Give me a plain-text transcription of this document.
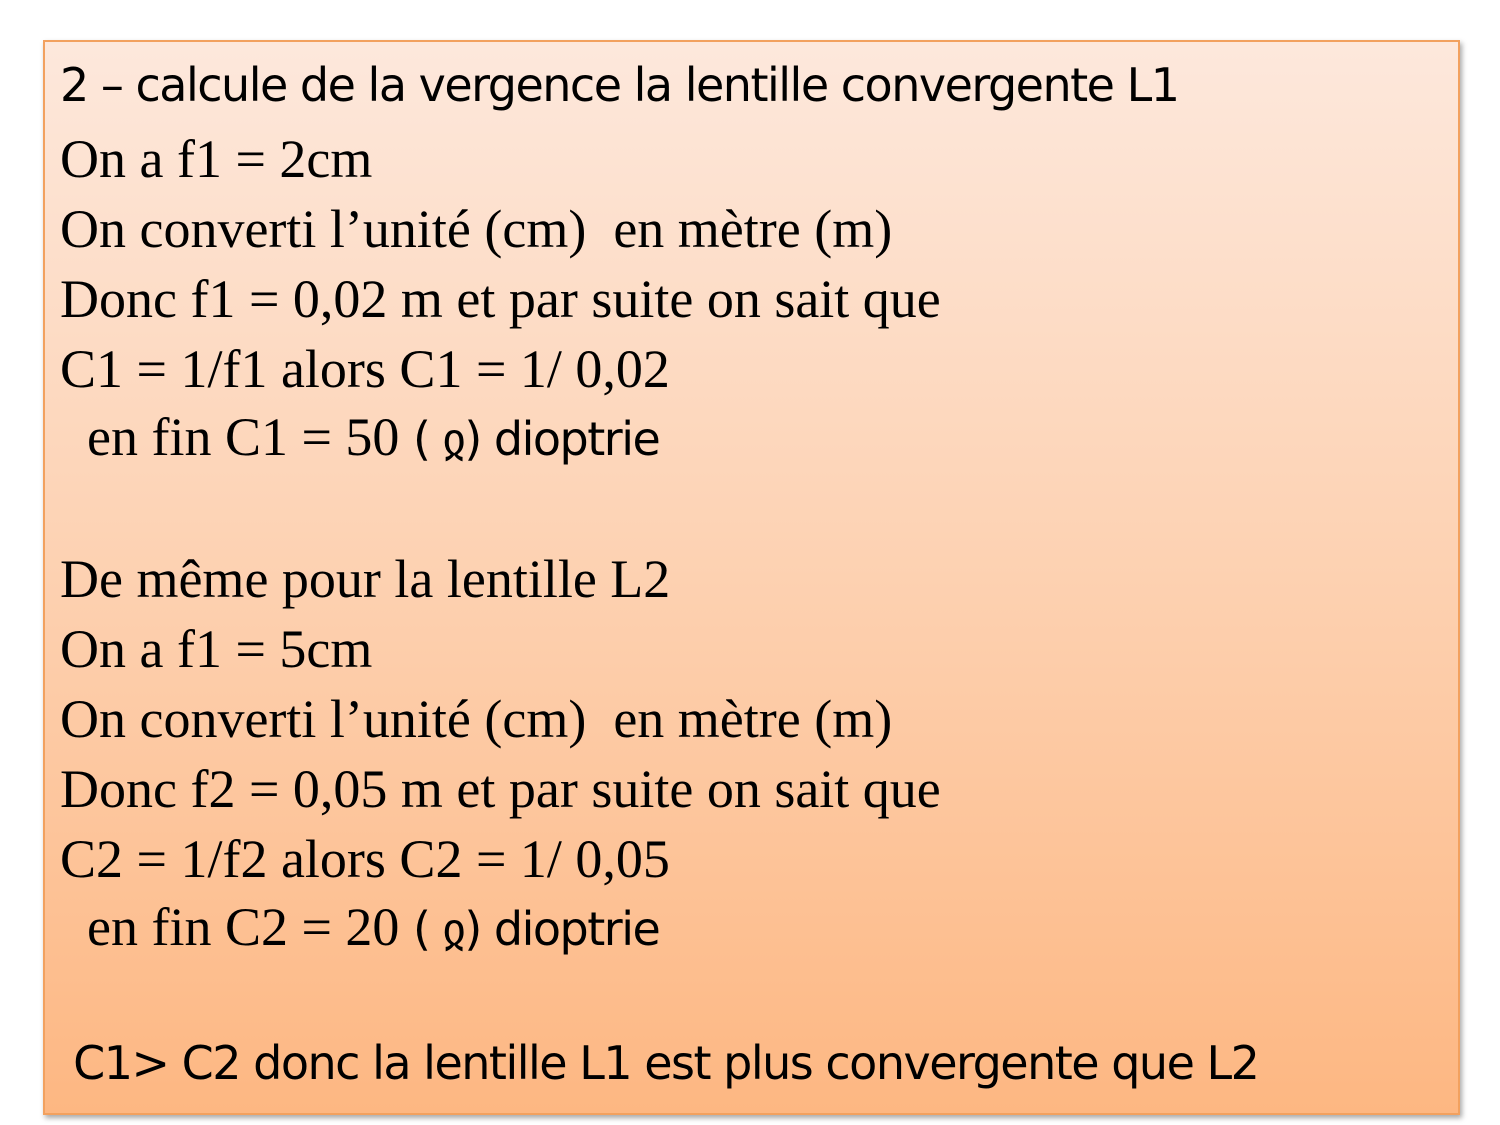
2 – calcule de la vergence la lentille convergente L1
On a f1 = 2cm
On converti l’unité (cm)  en mètre (m)
Donc f1 = 0,02 m et par suite on sait que
C1 = 1/f1 alors C1 = 1/ 0,02
en fin C1 = 50 ( ჲ) dioptrie
De même pour la lentille L2
On a f1 = 5cm
On converti l’unité (cm)  en mètre (m)
Donc f2 = 0,05 m et par suite on sait que
C2 = 1/f2 alors C2 = 1/ 0,05
en fin C2 = 20 ( ჲ) dioptrie
C1> C2 donc la lentille L1 est plus convergente que L2
